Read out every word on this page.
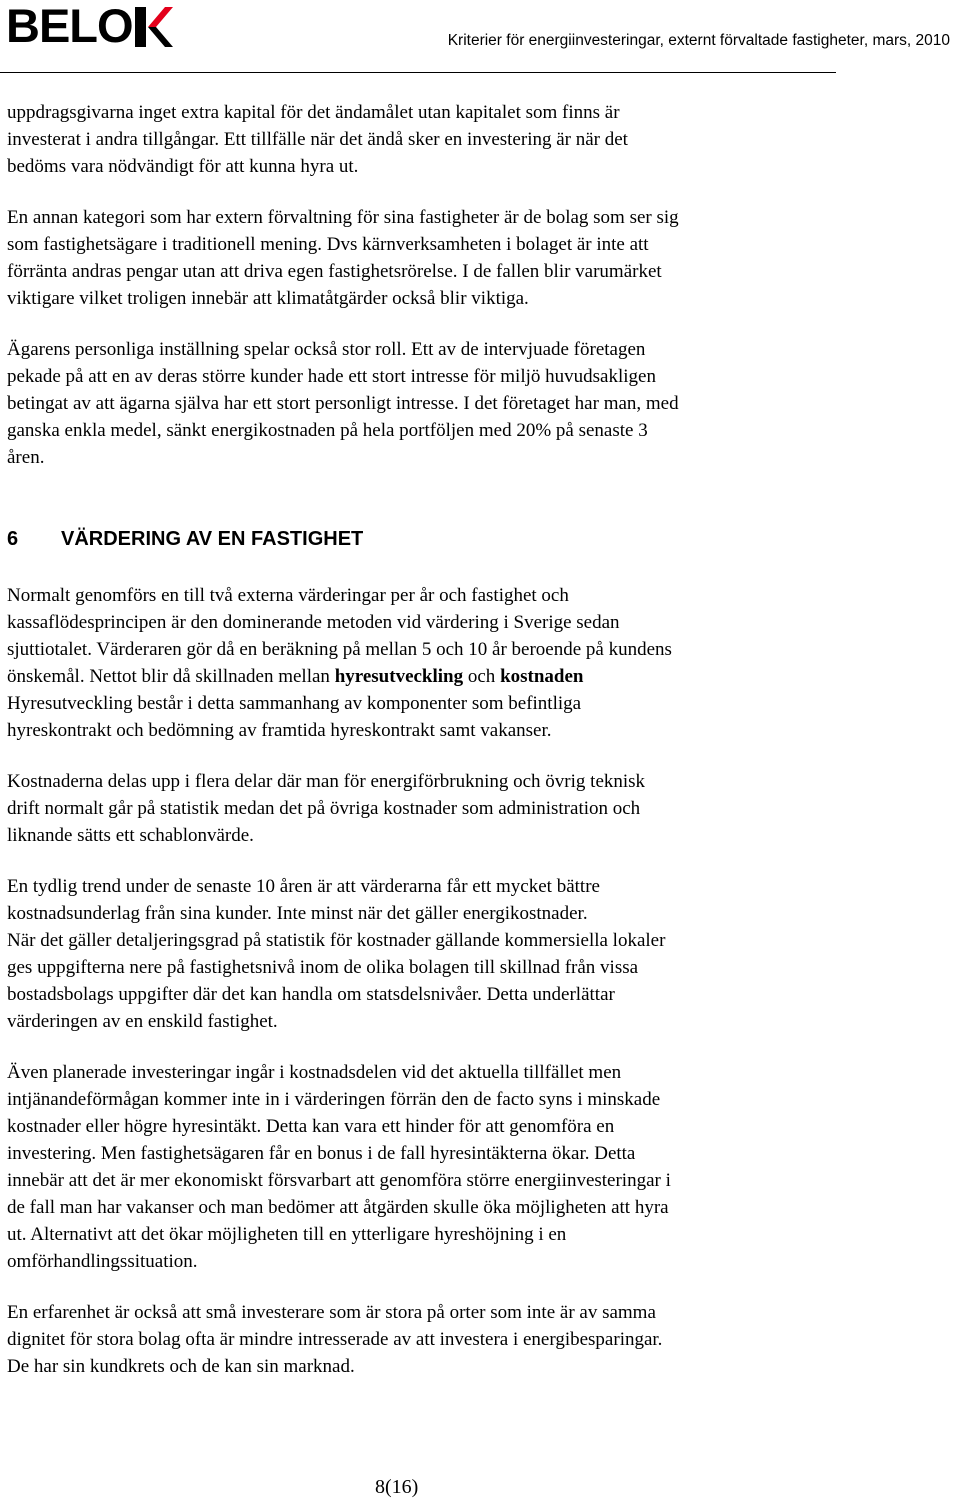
BELO	Kriterier för energiinvesteringar, externt förvaltade fastigheter, mars, 2010

uppdragsgivarna inget extra kapital för det ändamålet utan kapitalet som finns är
investerat i andra tillgångar. Ett tillfälle när det ändå sker en investering är när det
bedöms vara nödvändigt för att kunna hyra ut.

En annan kategori som har extern förvaltning för sina fastigheter är de bolag som ser sig
som fastighetsägare i traditionell mening. Dvs kärnverksamheten i bolaget är inte att
förränta andras pengar utan att driva egen fastighetsrörelse. I de fallen blir varumärket
viktigare vilket troligen innebär att klimatåtgärder också blir viktiga.

Ägarens personliga inställning spelar också stor roll. Ett av de intervjuade företagen
pekade på att en av deras större kunder hade ett stort intresse för miljö huvudsakligen
betingat av att ägarna själva har ett stort personligt intresse. I det företaget har man, med
ganska enkla medel, sänkt energikostnaden på hela portföljen med 20% på senaste 3
åren.

6	VÄRDERING AV EN FASTIGHET

Normalt genomförs en till två externa värderingar per år och fastighet och
kassaflödesprincipen är den dominerande metoden vid värdering i Sverige sedan
sjuttiotalet. Värderaren gör då en beräkning på mellan 5 och 10 år beroende på kundens
önskemål. Nettot blir då skillnaden mellan hyresutveckling och kostnaden
Hyresutveckling består i detta sammanhang av komponenter som befintliga
hyreskontrakt och bedömning av framtida hyreskontrakt samt vakanser.

Kostnaderna delas upp i flera delar där man för energiförbrukning och övrig teknisk
drift normalt går på statistik medan det på övriga kostnader som administration och
liknande sätts ett schablonvärde.

En tydlig trend under de senaste 10 åren är att värderarna får ett mycket bättre
kostnadsunderlag från sina kunder. Inte minst när det gäller energikostnader.
När det gäller detaljeringsgrad på statistik för kostnader gällande kommersiella lokaler
ges uppgifterna nere på fastighetsnivå inom de olika bolagen till skillnad från vissa
bostadsbolags uppgifter där det kan handla om statsdelsnivåer. Detta underlättar
värderingen av en enskild fastighet.

Även planerade investeringar ingår i kostnadsdelen vid det aktuella tillfället men
intjänandeförmågan kommer inte in i värderingen förrän den de facto syns i minskade
kostnader eller högre hyresintäkt. Detta kan vara ett hinder för att genomföra en
investering. Men fastighetsägaren får en bonus i de fall hyresintäkterna ökar. Detta
innebär att det är mer ekonomiskt försvarbart att genomföra större energiinvesteringar i
de fall man har vakanser och man bedömer att åtgärden skulle öka möjligheten att hyra
ut. Alternativt att det ökar möjligheten till en ytterligare hyreshöjning i en
omförhandlingssituation.

En erfarenhet är också att små investerare som är stora på orter som inte är av samma
dignitet för stora bolag ofta är mindre intresserade av att investera i energibesparingar.
De har sin kundkrets och de kan sin marknad.

8(16)
